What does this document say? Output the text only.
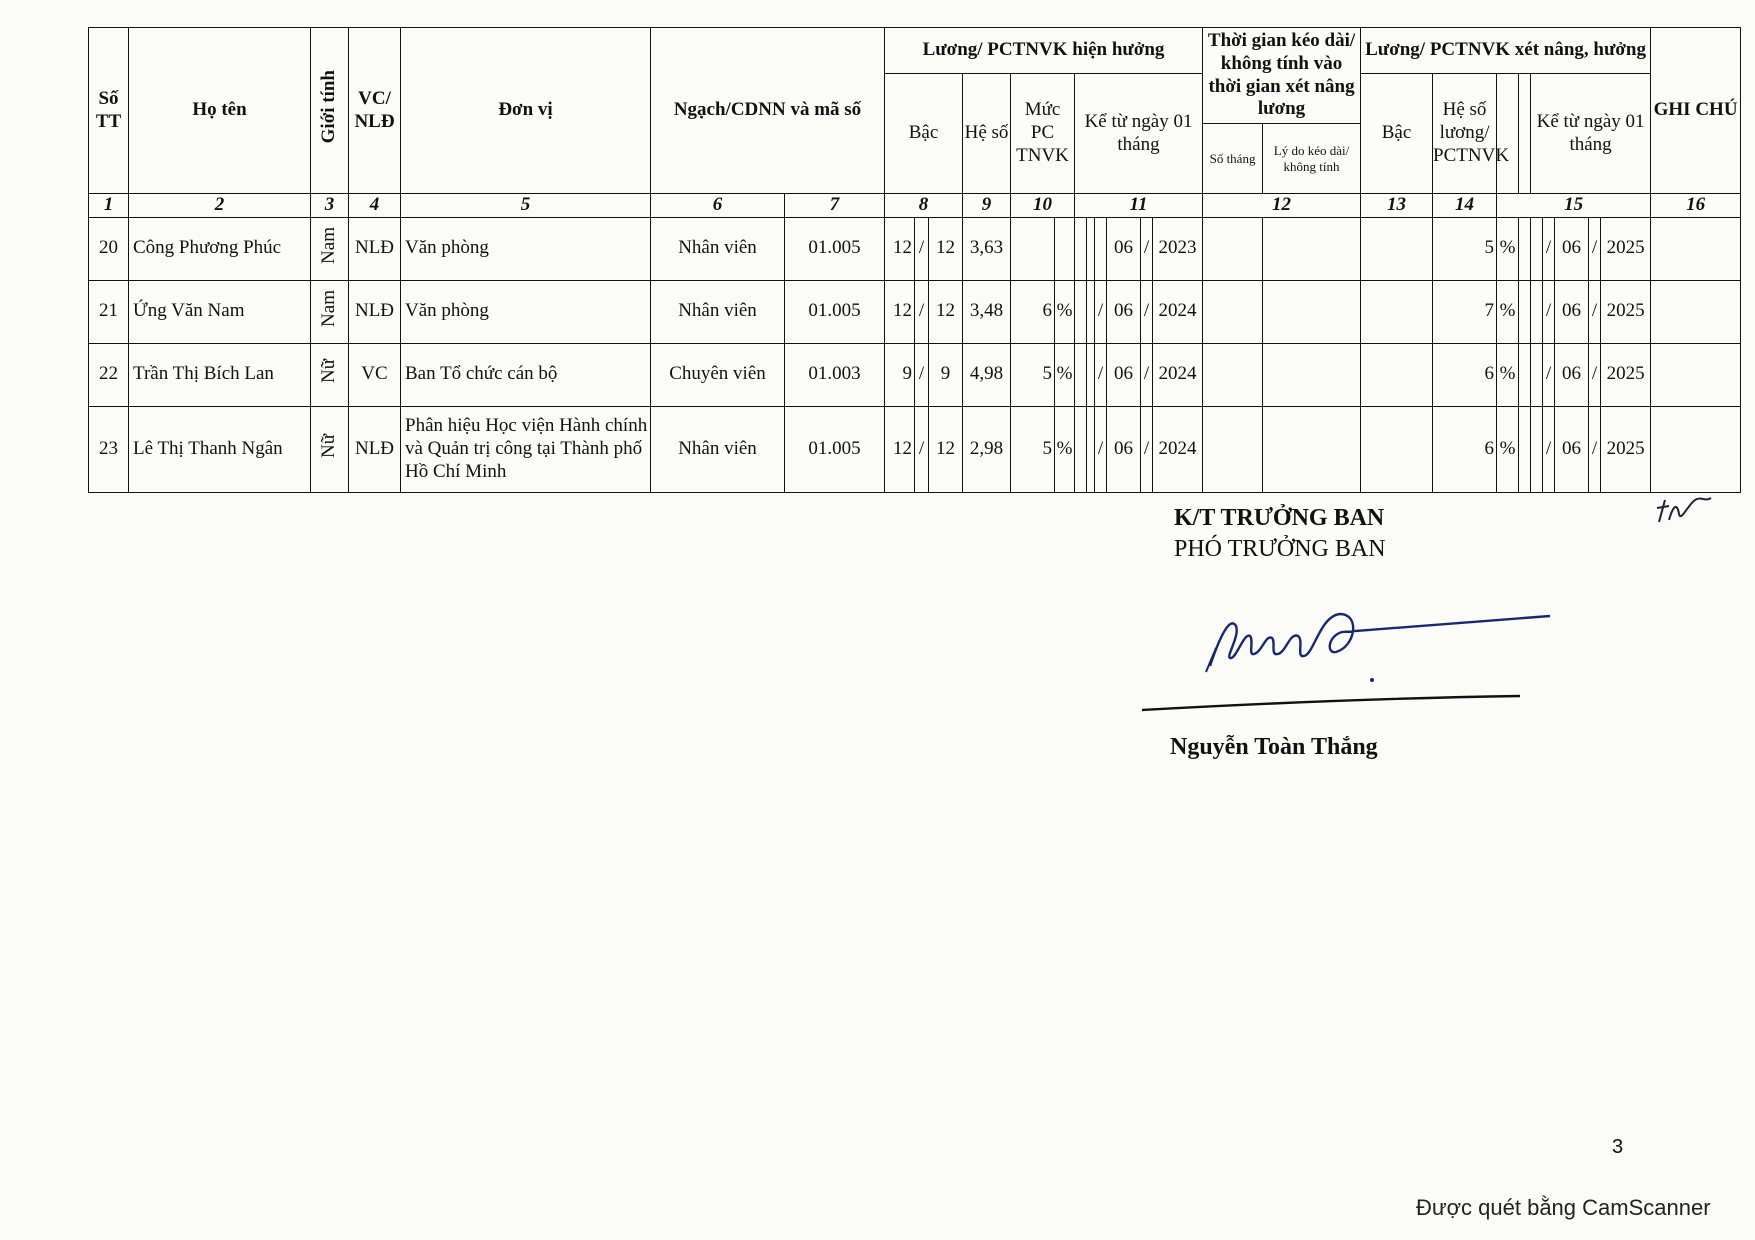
Số TT	Họ tên	Giới tính	VC/ NLĐ	Đơn vị	Ngạch/CDNN và mã số		Lương/ PCTNVK hiện hưởng												Thời gian kéo dài/ không tính vào thời gian xét nâng lương		Lương/ PCTNVK xét nâng, hưởng									GHI CHÚ
							Bậc			Hệ số	Mức PC TNVK		Kể từ ngày 01 tháng								Bậc	Hệ số lương/ PCTNVK			Kể từ ngày 01 tháng					
																			Số tháng	Lý do kéo dài/ không tính										
1	2	3	4	5	6	7	8			9	10		11						12		13	14	15							16
20	Công Phương Phúc	Nam	NLĐ	Văn phòng	Nhân viên	01.005	12	/	12	3,63						06	/	2023				5	%			/	06	/	2025	
21	Ứng Văn Nam	Nam	NLĐ	Văn phòng	Nhân viên	01.005	12	/	12	3,48	6	%			/	06	/	2024				7	%			/	06	/	2025	
22	Trần Thị Bích Lan	Nữ	VC	Ban Tổ chức cán bộ	Chuyên viên	01.003	9	/	9	4,98	5	%			/	06	/	2024				6	%			/	06	/	2025	
23	Lê Thị Thanh Ngân	Nữ	NLĐ	Phân hiệu Học viện Hành chính và Quản trị công tại Thành phố Hồ Chí Minh	Nhân viên	01.005	12	/	12	2,98	5	%			/	06	/	2024				6	%			/	06	/	2025	
K/T TRƯỞNG BAN
PHÓ TRƯỞNG BAN
Nguyễn Toàn Thắng
3
Được quét bằng CamScanner
